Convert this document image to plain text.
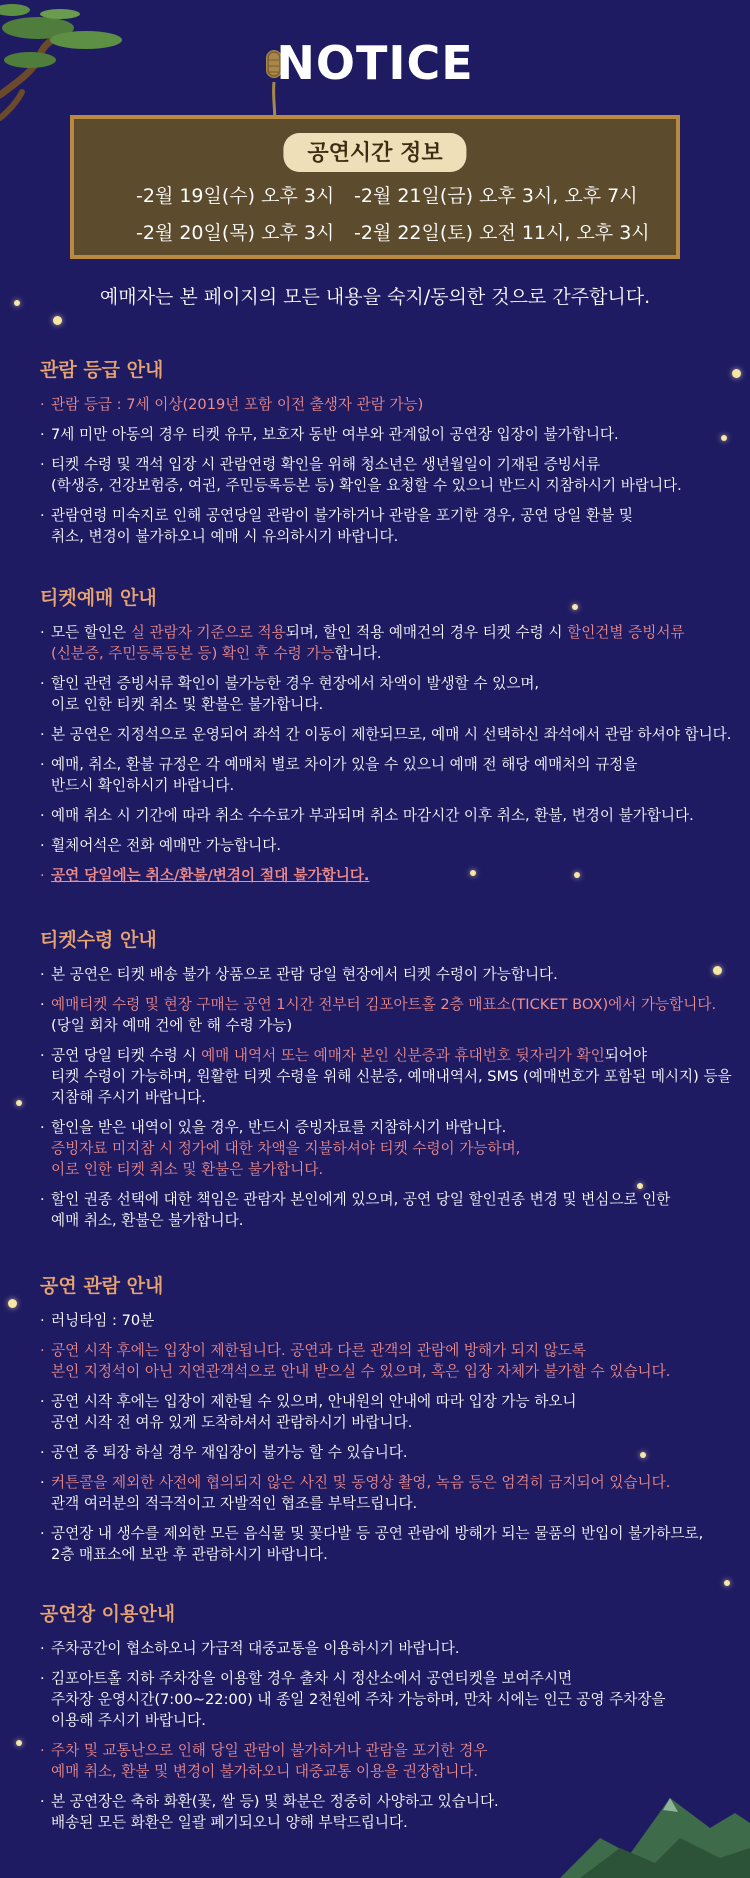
NOTICE
공연시간 정보
-2월 19일(수) 오후 3시 -2월 21일(금) 오후 3시, 오후 7시
-2월 20일(목) 오후 3시 -2월 22일(토) 오전 11시, 오후 3시
예매자는 본 페이지의 모든 내용을 숙지/동의한 것으로 간주합니다.
관람 등급 안내
· 관람 등급 : 7세 이상(2019년 포함 이전 출생자 관람 가능)
· 7세 미만 아동의 경우 티켓 유무, 보호자 동반 여부와 관계없이 공연장 입장이 불가합니다.
· 티켓 수령 및 객석 입장 시 관람연령 확인을 위해 청소년은 생년월일이 기재된 증빙서류
(학생증, 건강보험증, 여권, 주민등록등본 등) 확인을 요청할 수 있으니 반드시 지참하시기 바랍니다.
· 관람연령 미숙지로 인해 공연당일 관람이 불가하거나 관람을 포기한 경우, 공연 당일 환불 및
취소, 변경이 불가하오니 예매 시 유의하시기 바랍니다.
티켓예매 안내
· 모든 할인은 실 관람자 기준으로 적용되며, 할인 적용 예매건의 경우 티켓 수령 시 할인건별 증빙서류
(신분증, 주민등록등본 등) 확인 후 수령 가능합니다.
· 할인 관련 증빙서류 확인이 불가능한 경우 현장에서 차액이 발생할 수 있으며,
이로 인한 티켓 취소 및 환불은 불가합니다.
· 본 공연은 지정석으로 운영되어 좌석 간 이동이 제한되므로, 예매 시 선택하신 좌석에서 관람 하셔야 합니다.
· 예매, 취소, 환불 규정은 각 예매처 별로 차이가 있을 수 있으니 예매 전 해당 예매처의 규정을
반드시 확인하시기 바랍니다.
· 예매 취소 시 기간에 따라 취소 수수료가 부과되며 취소 마감시간 이후 취소, 환불, 변경이 불가합니다.
· 휠체어석은 전화 예매만 가능합니다.
· 공연 당일에는 취소/환불/변경이 절대 불가합니다.
티켓수령 안내
· 본 공연은 티켓 배송 불가 상품으로 관람 당일 현장에서 티켓 수령이 가능합니다.
· 예매티켓 수령 및 현장 구매는 공연 1시간 전부터 김포아트홀 2층 매표소(TICKET BOX)에서 가능합니다.
(당일 회차 예매 건에 한 해 수령 가능)
· 공연 당일 티켓 수령 시 예매 내역서 또는 예매자 본인 신분증과 휴대번호 뒷자리가 확인되어야
티켓 수령이 가능하며, 원활한 티켓 수령을 위해 신분증, 예매내역서, SMS (예매번호가 포함된 메시지) 등을
지참해 주시기 바랍니다.
· 할인을 받은 내역이 있을 경우, 반드시 증빙자료를 지참하시기 바랍니다.
증빙자료 미지참 시 정가에 대한 차액을 지불하셔야 티켓 수령이 가능하며,
이로 인한 티켓 취소 및 환불은 불가합니다.
· 할인 권종 선택에 대한 책임은 관람자 본인에게 있으며, 공연 당일 할인권종 변경 및 변심으로 인한
예매 취소, 환불은 불가합니다.
공연 관람 안내
· 러닝타임 : 70분
· 공연 시작 후에는 입장이 제한됩니다. 공연과 다른 관객의 관람에 방해가 되지 않도록
본인 지정석이 아닌 지연관객석으로 안내 받으실 수 있으며, 혹은 입장 자체가 불가할 수 있습니다.
· 공연 시작 후에는 입장이 제한될 수 있으며, 안내원의 안내에 따라 입장 가능 하오니
공연 시작 전 여유 있게 도착하셔서 관람하시기 바랍니다.
· 공연 중 퇴장 하실 경우 재입장이 불가능 할 수 있습니다.
· 커튼콜을 제외한 사전에 협의되지 않은 사진 및 동영상 촬영, 녹음 등은 엄격히 금지되어 있습니다.
관객 여러분의 적극적이고 자발적인 협조를 부탁드립니다.
· 공연장 내 생수를 제외한 모든 음식물 및 꽃다발 등 공연 관람에 방해가 되는 물품의 반입이 불가하므로,
2층 매표소에 보관 후 관람하시기 바랍니다.
공연장 이용안내
· 주차공간이 협소하오니 가급적 대중교통을 이용하시기 바랍니다.
· 김포아트홀 지하 주차장을 이용할 경우 출차 시 정산소에서 공연티켓을 보여주시면
주차장 운영시간(7:00~22:00) 내 종일 2천원에 주차 가능하며, 만차 시에는 인근 공영 주차장을
이용해 주시기 바랍니다.
· 주차 및 교통난으로 인해 당일 관람이 불가하거나 관람을 포기한 경우
예매 취소, 환불 및 변경이 불가하오니 대중교통 이용을 권장합니다.
· 본 공연장은 축하 화환(꽃, 쌀 등) 및 화분은 정중히 사양하고 있습니다.
배송된 모든 화환은 일괄 폐기되오니 양해 부탁드립니다.
